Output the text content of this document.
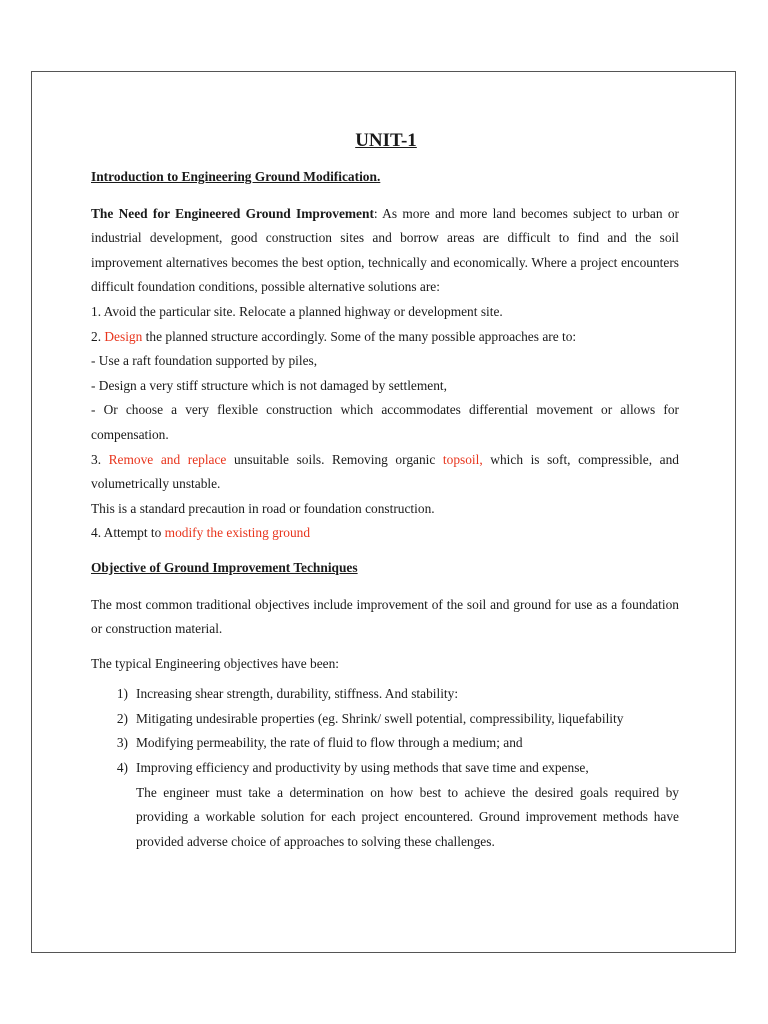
UNIT-1
Introduction to Engineering Ground Modification.

The Need for Engineered Ground Improvement: As more and more land becomes subject to urban or industrial development, good construction sites and borrow areas are difficult to find and the soil improvement alternatives becomes the best option, technically and economically. Where a project encounters difficult foundation conditions, possible alternative solutions are:

1. Avoid the particular site. Relocate a planned highway or development site.

2. Design the planned structure accordingly. Some of the many possible approaches are to:

- Use a raft foundation supported by piles,

- Design a very stiff structure which is not damaged by settlement,

- Or choose a very flexible construction which accommodates differential movement or allows for compensation.

3. Remove and replace unsuitable soils. Removing organic topsoil, which is soft, compressible, and volumetrically unstable.

This is a standard precaution in road or foundation construction.

4. Attempt to modify the existing ground

Objective of Ground Improvement Techniques

The most common traditional objectives include improvement of the soil and ground for use as a foundation or construction material.

The typical Engineering objectives have been:

1) Increasing shear strength, durability, stiffness. And stability:
2) Mitigating undesirable properties (eg. Shrink/ swell potential, compressibility, liquefability
3) Modifying permeability, the rate of fluid to flow through a medium; and
4) Improving efficiency and productivity by using methods that save time and expense,
The engineer must take a determination on how best to achieve the desired goals required by providing a workable solution for each project encountered. Ground improvement methods have provided adverse choice of approaches to solving these challenges.
